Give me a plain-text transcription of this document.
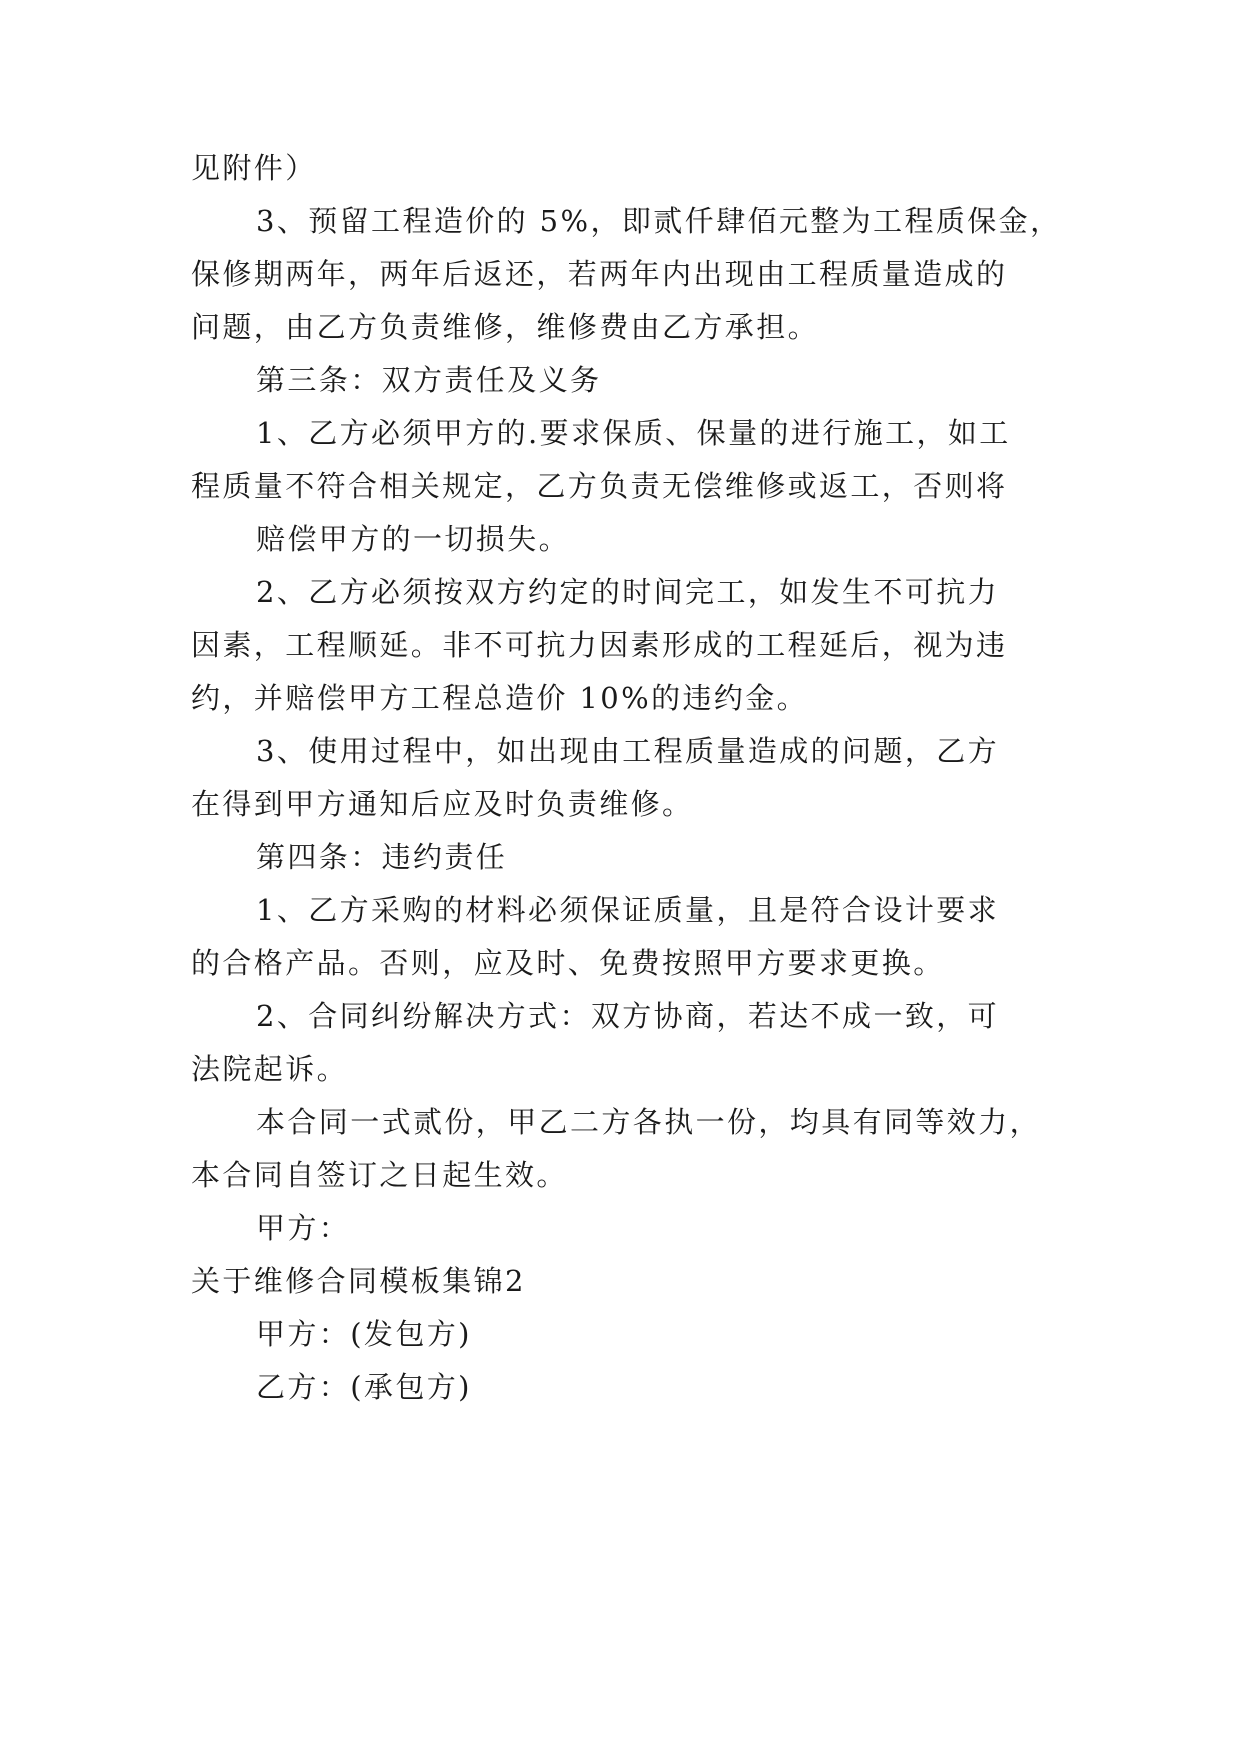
见附件）
3、预留工程造价的 5%，即贰仟肆佰元整为工程质保金，
保修期两年，两年后返还，若两年内出现由工程质量造成的
问题，由乙方负责维修，维修费由乙方承担。
第三条：双方责任及义务
1、乙方必须甲方的.要求保质、保量的进行施工，如工
程质量不符合相关规定，乙方负责无偿维修或返工，否则将
赔偿甲方的一切损失。
2、乙方必须按双方约定的时间完工，如发生不可抗力
因素，工程顺延。非不可抗力因素形成的工程延后，视为违
约，并赔偿甲方工程总造价 10%的违约金。
3、使用过程中，如出现由工程质量造成的问题，乙方
在得到甲方通知后应及时负责维修。
第四条：违约责任
1、乙方采购的材料必须保证质量，且是符合设计要求
的合格产品。否则，应及时、免费按照甲方要求更换。
2、合同纠纷解决方式：双方协商，若达不成一致，可
法院起诉。
本合同一式贰份，甲乙二方各执一份，均具有同等效力，
本合同自签订之日起生效。
甲方：
关于维修合同模板集锦2
甲方：(发包方)
乙方：(承包方)
